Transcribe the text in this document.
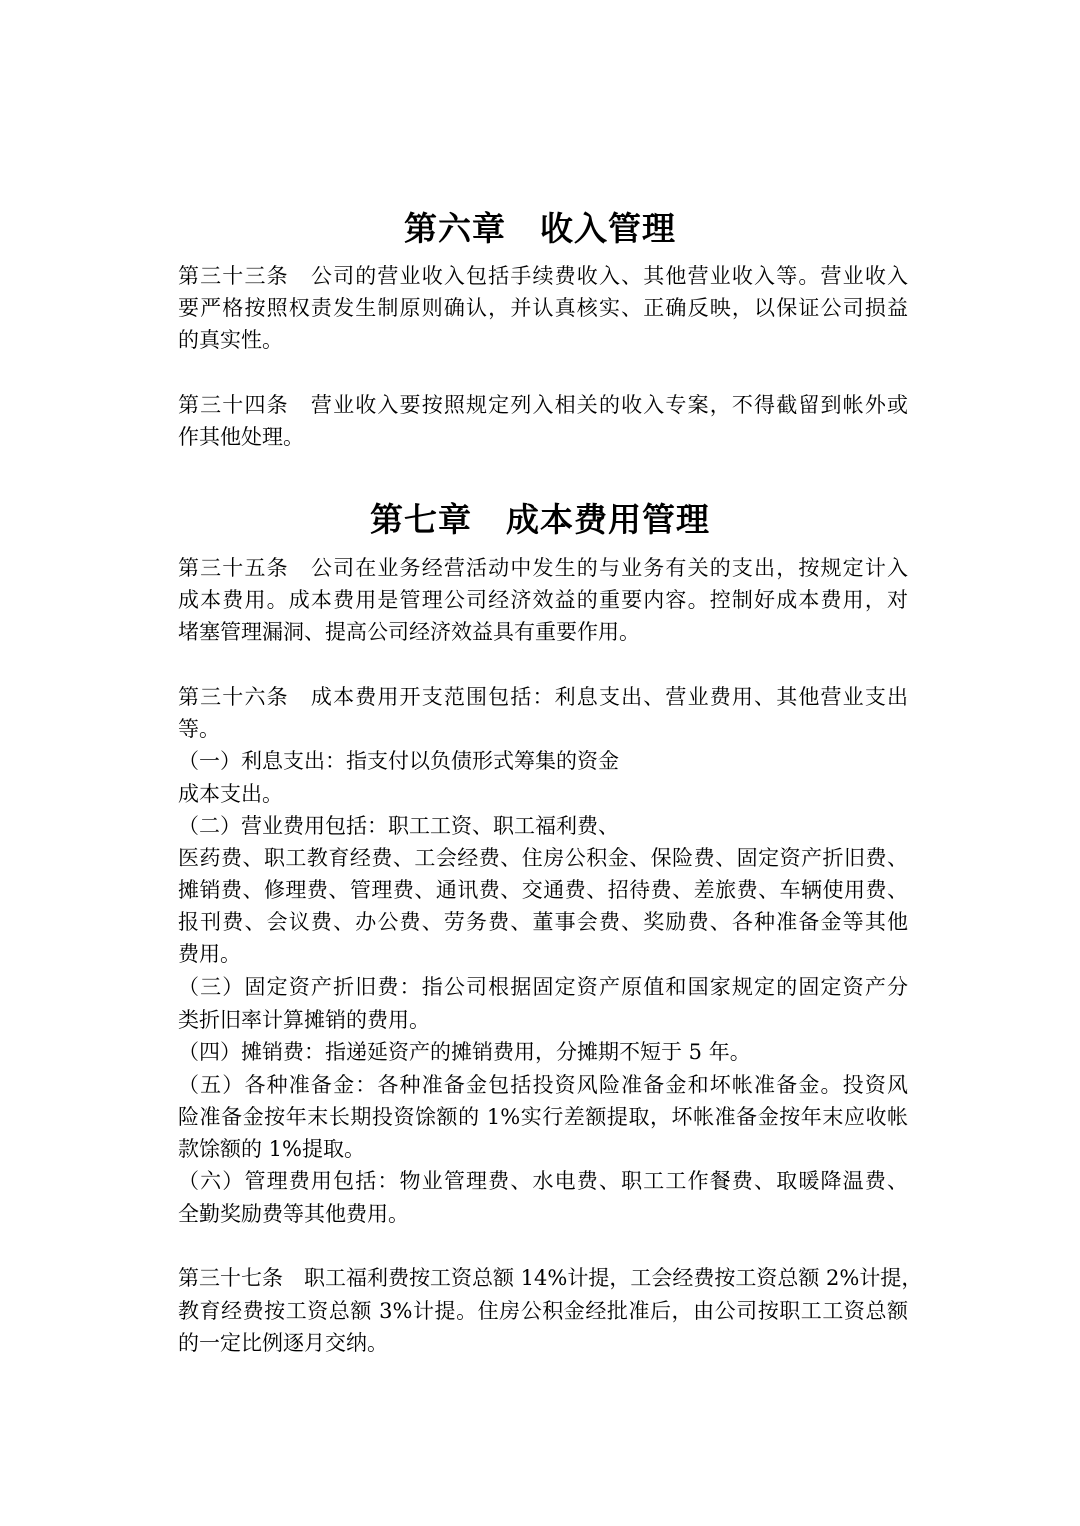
第六章　收入管理
第三十三条　公司的营业收入包括手续费收入、其他营业收入等。营业收入
要严格按照权责发生制原则确认，并认真核实、正确反映，以保证公司损益
的真实性。
第三十四条　营业收入要按照规定列入相关的收入专案，不得截留到帐外或
作其他处理。
第七章　成本费用管理
第三十五条　公司在业务经营活动中发生的与业务有关的支出，按规定计入
成本费用。成本费用是管理公司经济效益的重要内容。控制好成本费用，对
堵塞管理漏洞、提高公司经济效益具有重要作用。
第三十六条　成本费用开支范围包括：利息支出、营业费用、其他营业支出
等。
（一）利息支出：指支付以负债形式筹集的资金
成本支出。
（二）营业费用包括：职工工资、职工福利费、
医药费、职工教育经费、工会经费、住房公积金、保险费、固定资产折旧费、
摊销费、修理费、管理费、通讯费、交通费、招待费、差旅费、车辆使用费、
报刊费、会议费、办公费、劳务费、董事会费、奖励费、各种准备金等其他
费用。
（三）固定资产折旧费：指公司根据固定资产原值和国家规定的固定资产分
类折旧率计算摊销的费用。
（四）摊销费：指递延资产的摊销费用，分摊期不短于 5 年。
（五）各种准备金：各种准备金包括投资风险准备金和坏帐准备金。投资风
险准备金按年末长期投资馀额的 1%实行差额提取，坏帐准备金按年末应收帐
款馀额的 1%提取。
（六）管理费用包括：物业管理费、水电费、职工工作餐费、取暖降温费、
全勤奖励费等其他费用。
第三十七条　职工福利费按工资总额 14%计提，工会经费按工资总额 2%计提，
教育经费按工资总额 3%计提。住房公积金经批准后，由公司按职工工资总额
的一定比例逐月交纳。
